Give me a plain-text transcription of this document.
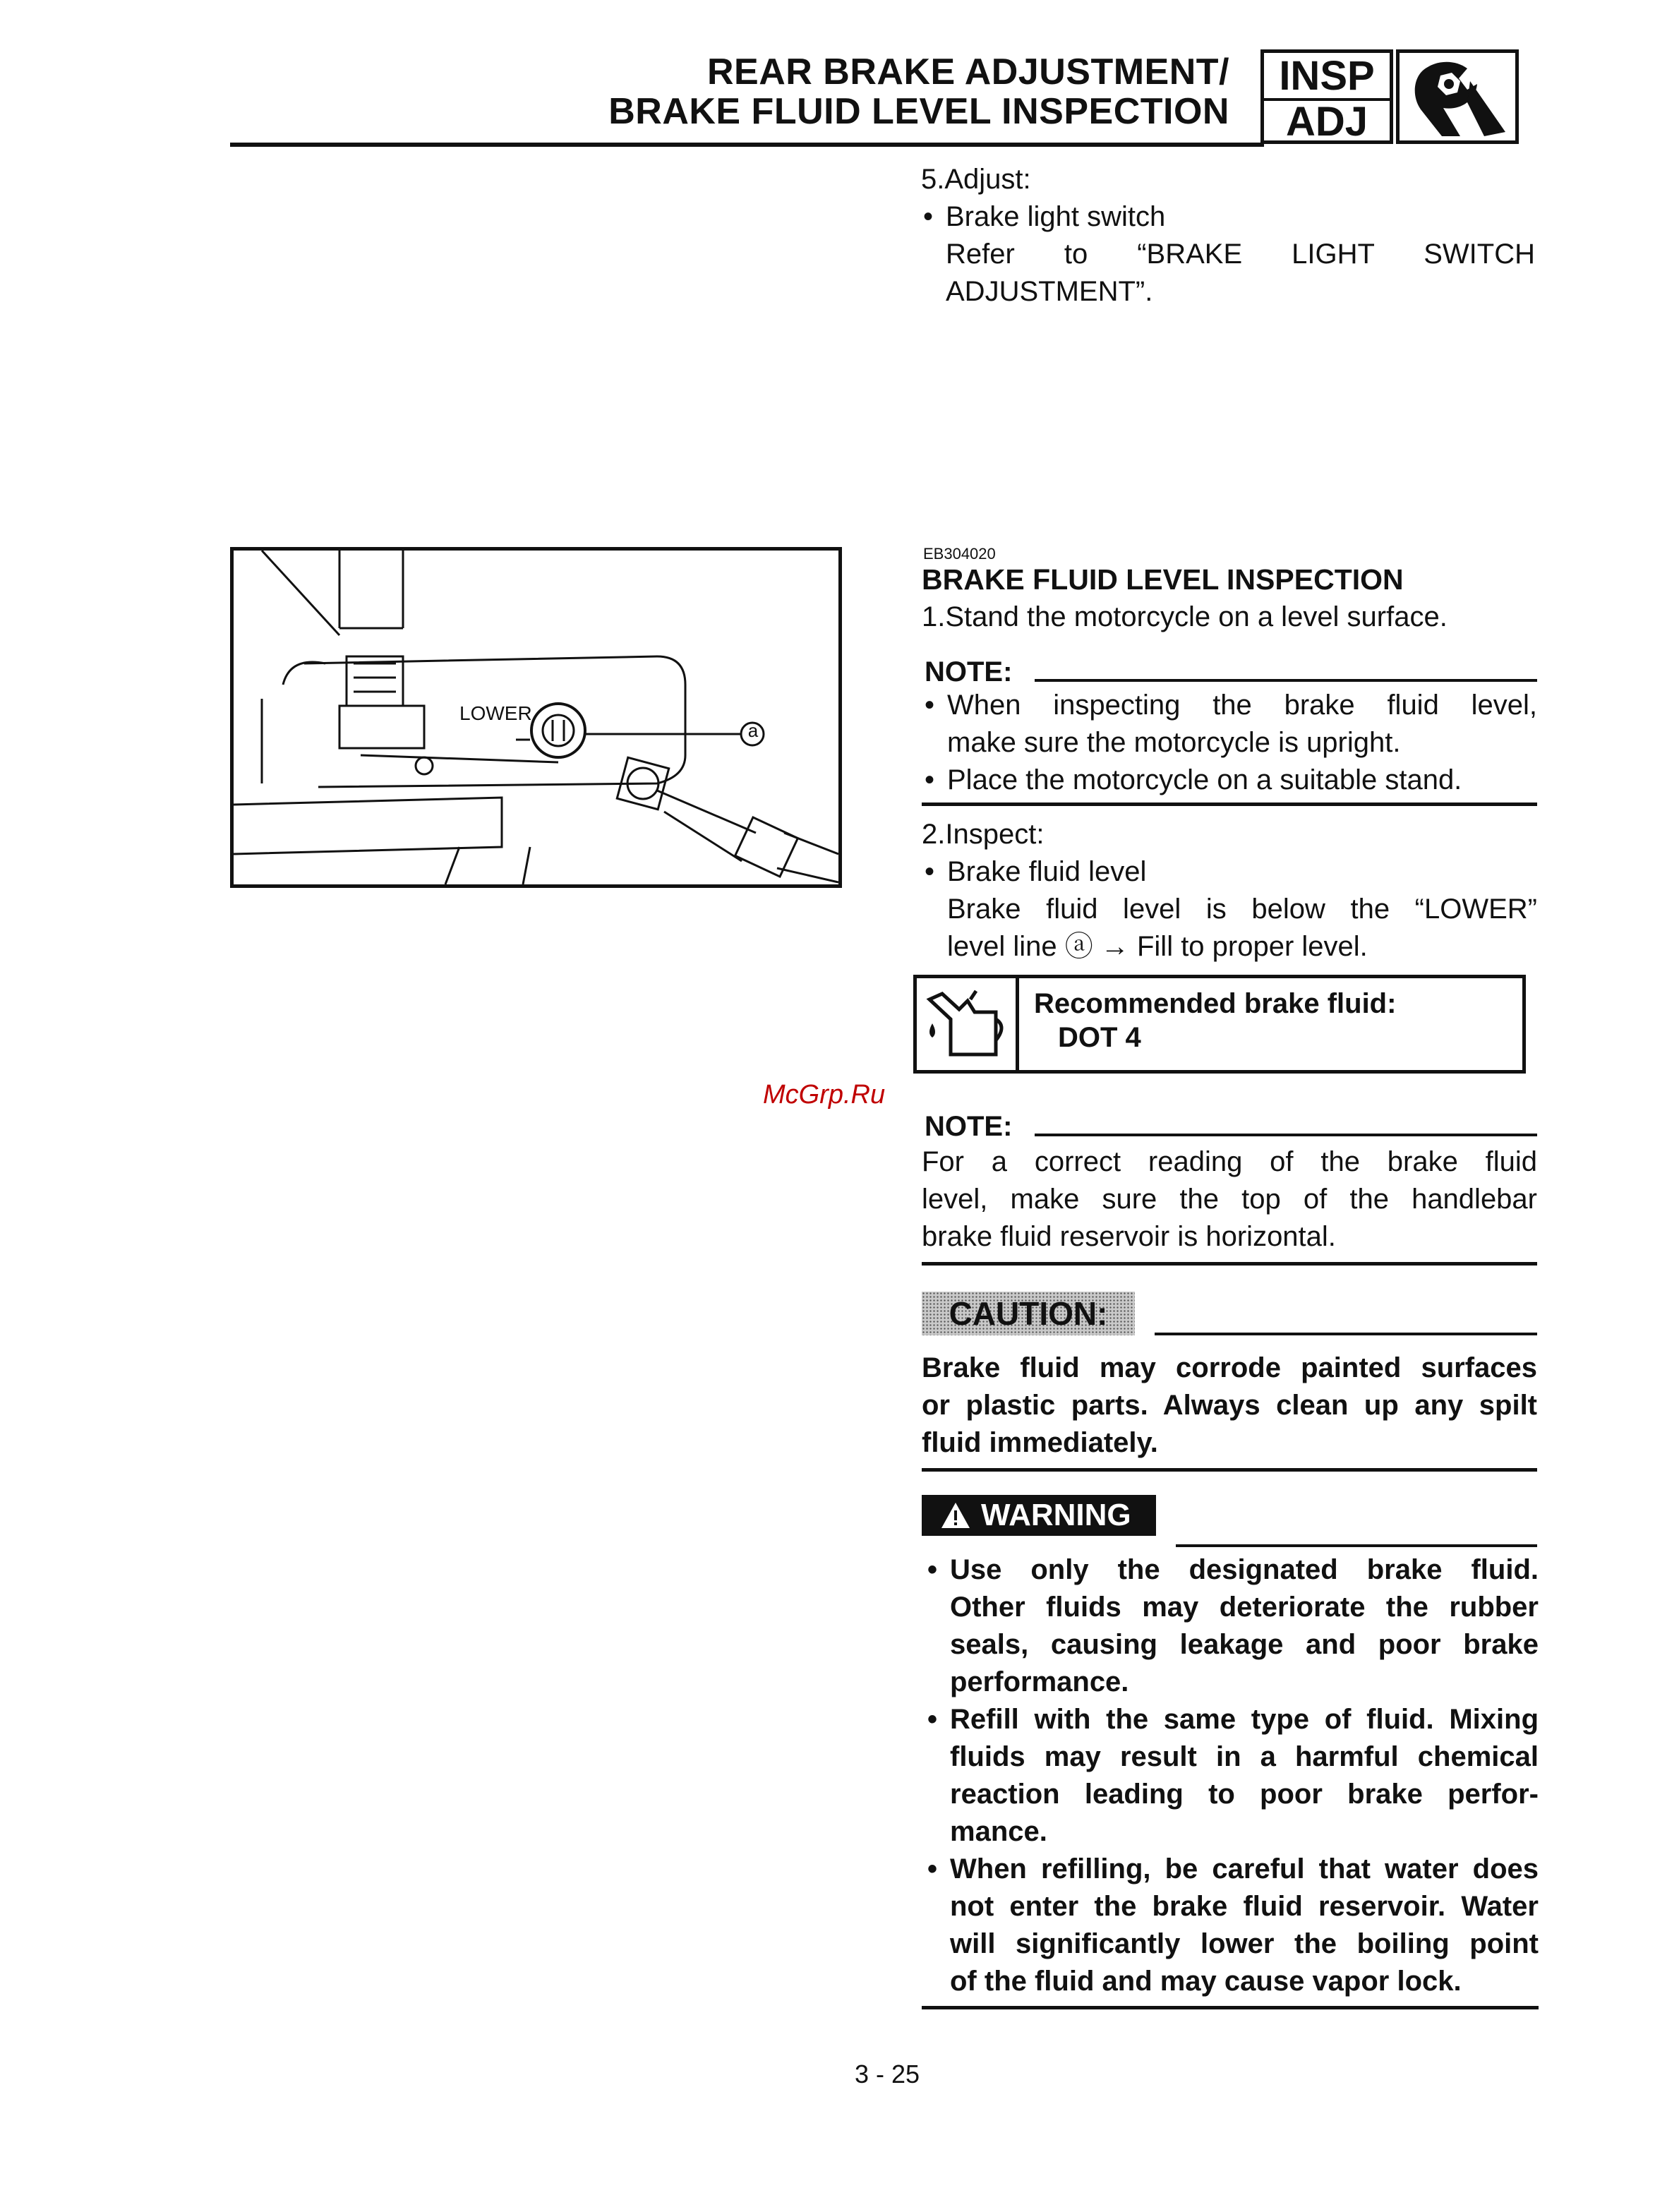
REAR BRAKE ADJUSTMENT/
BRAKE FLUID LEVEL INSPECTION
INSP
ADJ
5.Adjust:
• Brake light switch
Refer to “BRAKE LIGHT SWITCH
ADJUSTMENT”.
LOWER
a
EB304020
BRAKE FLUID LEVEL INSPECTION
1.Stand the motorcycle on a level surface.
NOTE:
• When inspecting the brake fluid level,
make sure the motorcycle is upright.
• Place the motorcycle on a suitable stand.
2.Inspect:
• Brake fluid level
Brake fluid level is below the “LOWER”
level line ⓐ → Fill to proper level.
Recommended brake fluid:
DOT 4
McGrp.Ru
NOTE:
For a correct reading of the brake fluid
level, make sure the top of the handlebar
brake fluid reservoir is horizontal.
CAUTION:
Brake fluid may corrode painted surfaces
or plastic parts. Always clean up any spilt
fluid immediately.
WARNING
• Use only the designated brake fluid.
Other fluids may deteriorate the rubber
seals, causing leakage and poor brake
performance.
• Refill with the same type of fluid. Mixing
fluids may result in a harmful chemical
reaction leading to poor brake perfor-
mance.
• When refilling, be careful that water does
not enter the brake fluid reservoir. Water
will significantly lower the boiling point
of the fluid and may cause vapor lock.
3 - 25
